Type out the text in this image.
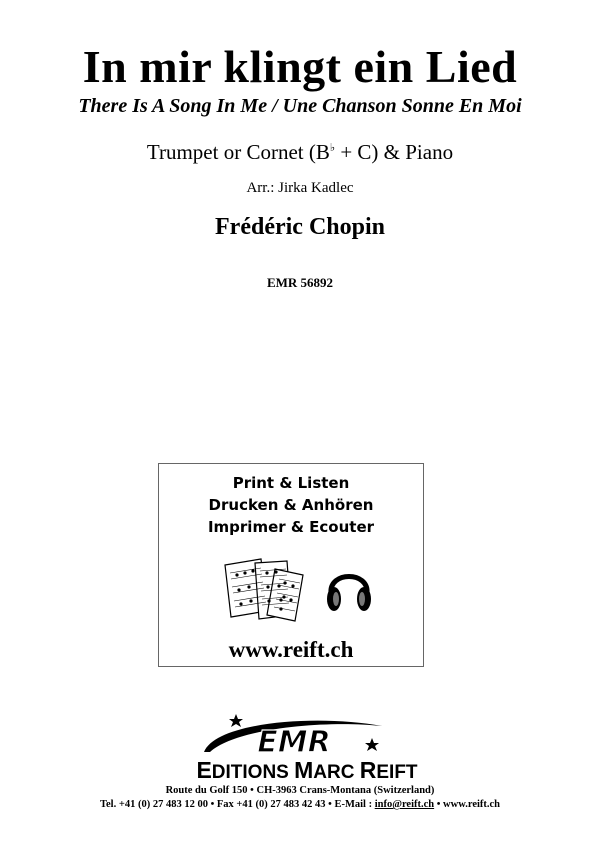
In mir klingt ein Lied
There Is A Song In Me / Une Chanson Sonne En Moi
Trumpet or Cornet (B♭ + C) & Piano
Arr.: Jirka Kadlec
Frédéric Chopin
EMR 56892
Print & Listen
Drucken & Anhören
Imprimer & Ecouter
www.reift.ch
EMR
EDITIONS MARC REIFT
Route du Golf 150 • CH-3963 Crans-Montana (Switzerland)
Tel. +41 (0) 27 483 12 00 • Fax +41 (0) 27 483 42 43 • E-Mail : info@reift.ch • www.reift.ch
